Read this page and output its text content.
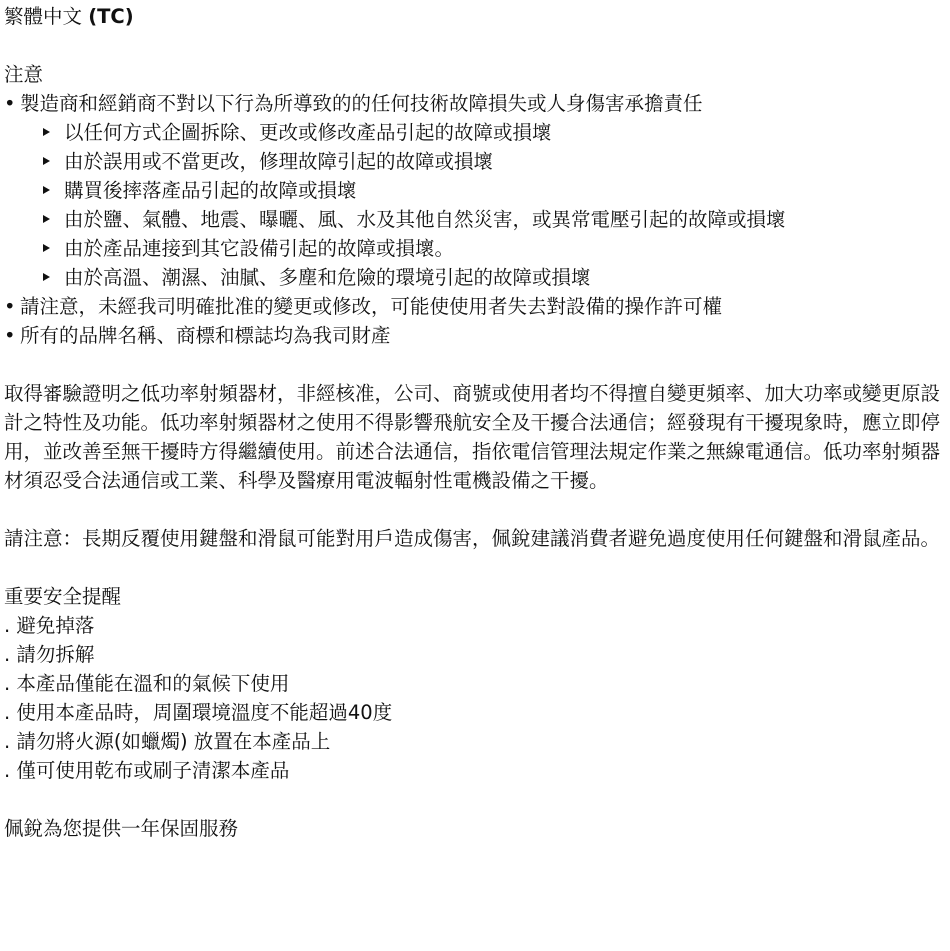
繁體中文 (TC)
注意
• 製造商和經銷商不對以下行為所導致的的任何技術故障損失或人身傷害承擔責任
以任何方式企圖拆除、更改或修改產品引起的故障或損壞
由於誤用或不當更改，修理故障引起的故障或損壞
購買後摔落產品引起的故障或損壞
由於鹽、氣體、地震、曝曬、風、水及其他自然災害，或異常電壓引起的故障或損壞
由於產品連接到其它設備引起的故障或損壞。
由於高溫、潮濕、油膩、多塵和危險的環境引起的故障或損壞
• 請注意，未經我司明確批准的變更或修改，可能使使用者失去對設備的操作許可權
• 所有的品牌名稱、商標和標誌均為我司財產

取得審驗證明之低功率射頻器材，非經核准，公司、商號或使用者均不得擅自變更頻率、加大功率或變更原設計之特性及功能。低功率射頻器材之使用不得影響飛航安全及干擾合法通信；經發現有干擾現象時，應立即停用，並改善至無干擾時方得繼續使用。前述合法通信，指依電信管理法規定作業之無線電通信。低功率射頻器材須忍受合法通信或工業、科學及醫療用電波輻射性電機設備之干擾。

請注意：長期反覆使用鍵盤和滑鼠可能對用戶造成傷害，佩銳建議消費者避免過度使用任何鍵盤和滑鼠產品。

重要安全提醒
. 避免掉落
. 請勿拆解
. 本產品僅能在溫和的氣候下使用
. 使用本產品時，周圍環境溫度不能超過40度
. 請勿將火源(如蠟燭) 放置在本產品上
. 僅可使用乾布或刷子清潔本產品

佩銳為您提供一年保固服務
